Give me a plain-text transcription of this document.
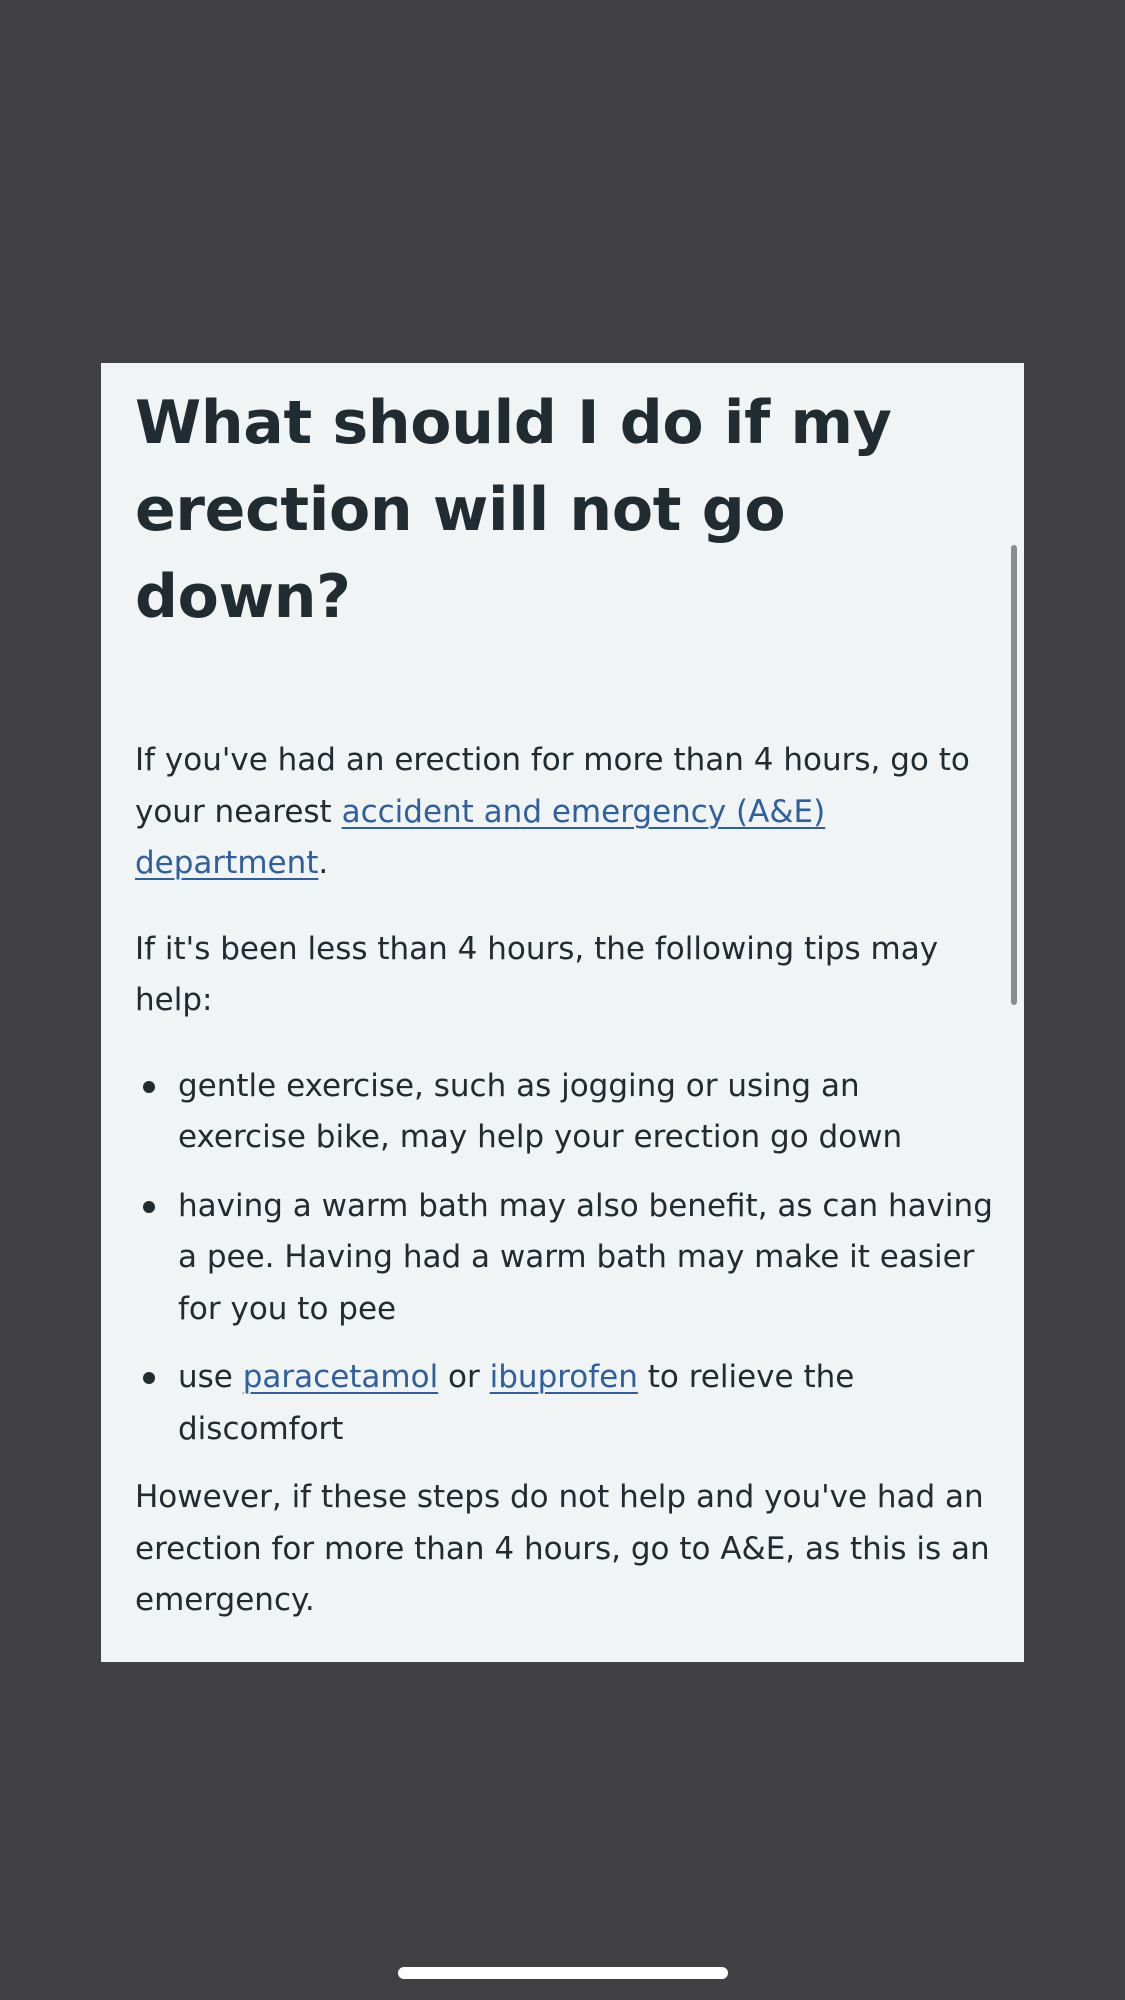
What should I do if my erection will not go down?

If you've had an erection for more than 4 hours, go to your nearest accident and emergency (A&E) department.

If it's been less than 4 hours, the following tips may help:

gentle exercise, such as jogging or using an exercise bike, may help your erection go down
having a warm bath may also benefit, as can having a pee. Having had a warm bath may make it easier for you to pee
use paracetamol or ibuprofen to relieve the discomfort

However, if these steps do not help and you've had an erection for more than 4 hours, go to A&E, as this is an emergency.
